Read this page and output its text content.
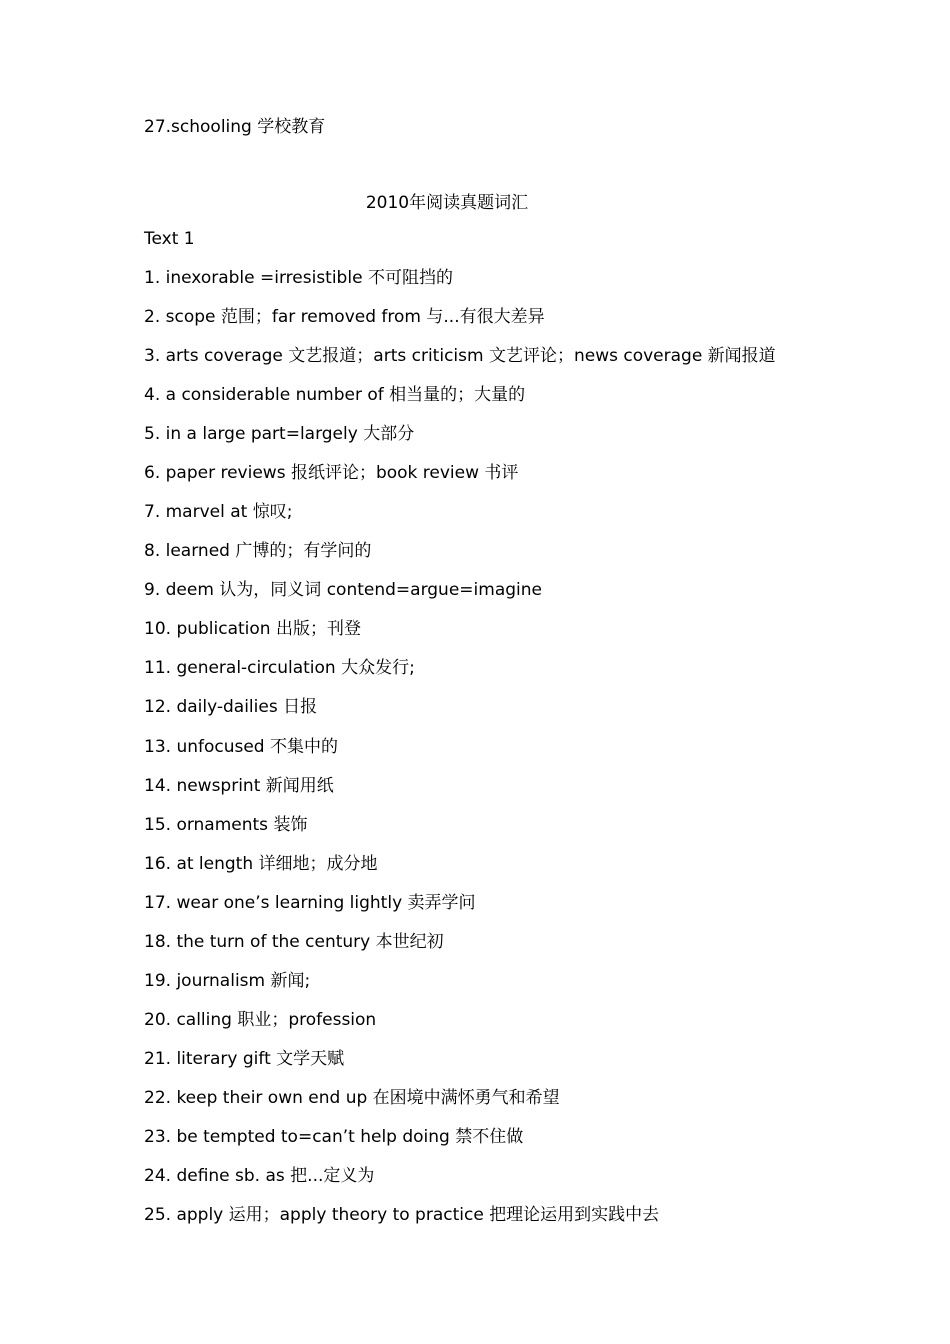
27.schooling 学校教育
2010年阅读真题词汇
Text 1
1. inexorable =irresistible 不可阻挡的
2. scope 范围；far removed from 与...有很大差异
3. arts coverage 文艺报道；arts criticism 文艺评论；news coverage 新闻报道
4. a considerable number of 相当量的；大量的
5. in a large part=largely 大部分
6. paper reviews 报纸评论；book review 书评
7. marvel at 惊叹;
8. learned 广博的；有学问的
9. deem 认为，同义词 contend=argue=imagine
10. publication 出版；刊登
11. general-circulation 大众发行;
12. daily-dailies 日报
13. unfocused 不集中的
14. newsprint 新闻用纸
15. ornaments 装饰
16. at length 详细地；成分地
17. wear one’s learning lightly 卖弄学问
18. the turn of the century 本世纪初
19. journalism 新闻;
20. calling 职业；profession
21. literary gift 文学天赋
22. keep their own end up 在困境中满怀勇气和希望
23. be tempted to=can’t help doing 禁不住做
24. define sb. as 把...定义为
25. apply 运用；apply theory to practice 把理论运用到实践中去
